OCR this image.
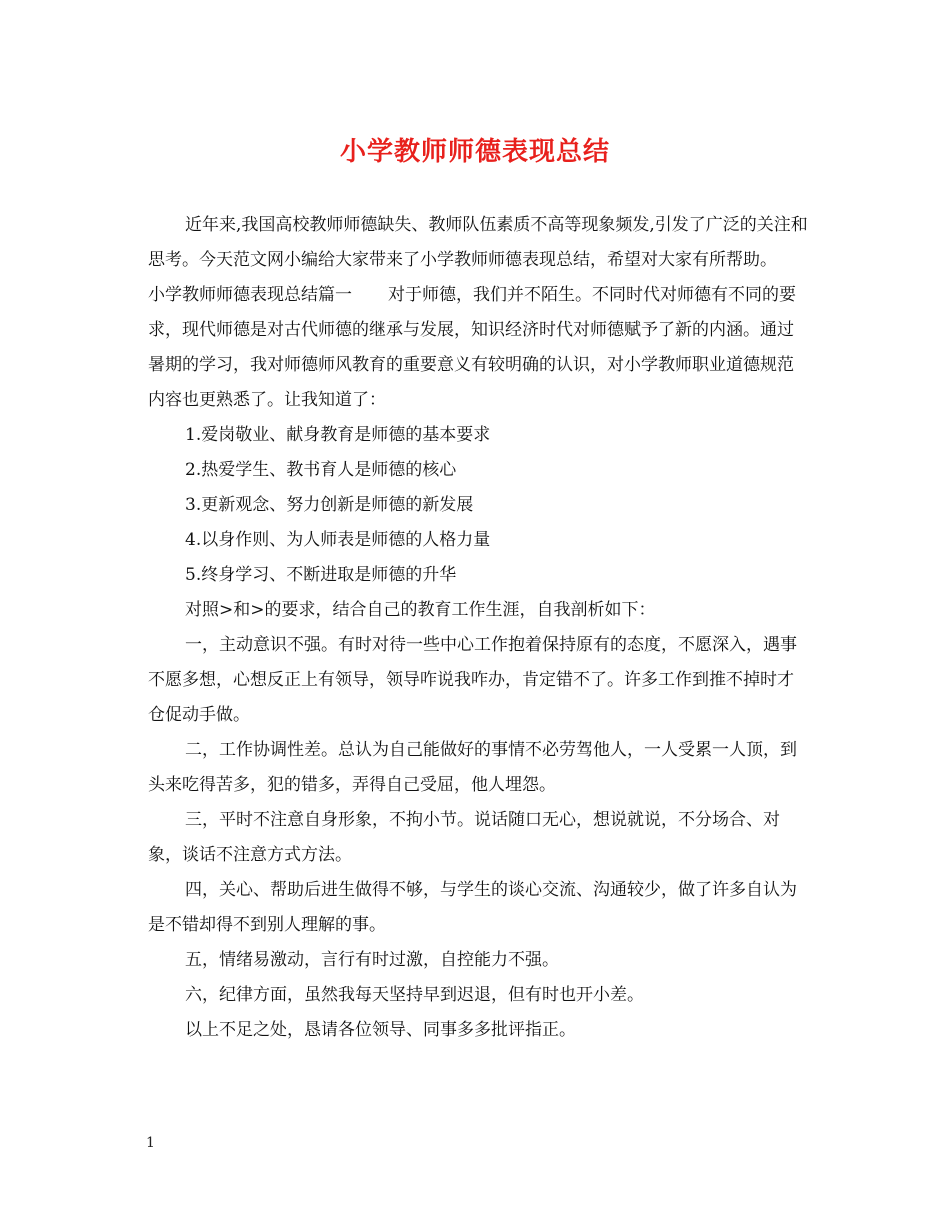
小学教师师德表现总结

近年来,我国高校教师师德缺失、教师队伍素质不高等现象频发,引发了广泛的关注和思考。今天范文网小编给大家带来了小学教师师德表现总结，希望对大家有所帮助。

小学教师师德表现总结篇一 对于师德，我们并不陌生。不同时代对师德有不同的要求，现代师德是对古代师德的继承与发展，知识经济时代对师德赋予了新的内涵。通过暑期的学习，我对师德师风教育的重要意义有较明确的认识，对小学教师职业道德规范内容也更熟悉了。让我知道了：

1.爱岗敬业、献身教育是师德的基本要求

2.热爱学生、教书育人是师德的核心

3.更新观念、努力创新是师德的新发展

4.以身作则、为人师表是师德的人格力量

5.终身学习、不断进取是师德的升华

对照>和>的要求，结合自己的教育工作生涯，自我剖析如下：

一，主动意识不强。有时对待一些中心工作抱着保持原有的态度，不愿深入，遇事不愿多想，心想反正上有领导，领导咋说我咋办，肯定错不了。许多工作到推不掉时才仓促动手做。

二，工作协调性差。总认为自己能做好的事情不必劳驾他人，一人受累一人顶，到头来吃得苦多，犯的错多，弄得自己受屈，他人埋怨。

三，平时不注意自身形象，不拘小节。说话随口无心，想说就说，不分场合、对象，谈话不注意方式方法。

四，关心、帮助后进生做得不够，与学生的谈心交流、沟通较少，做了许多自认为是不错却得不到别人理解的事。

五，情绪易激动，言行有时过激，自控能力不强。

六，纪律方面，虽然我每天坚持早到迟退，但有时也开小差。

以上不足之处，恳请各位领导、同事多多批评指正。

1
